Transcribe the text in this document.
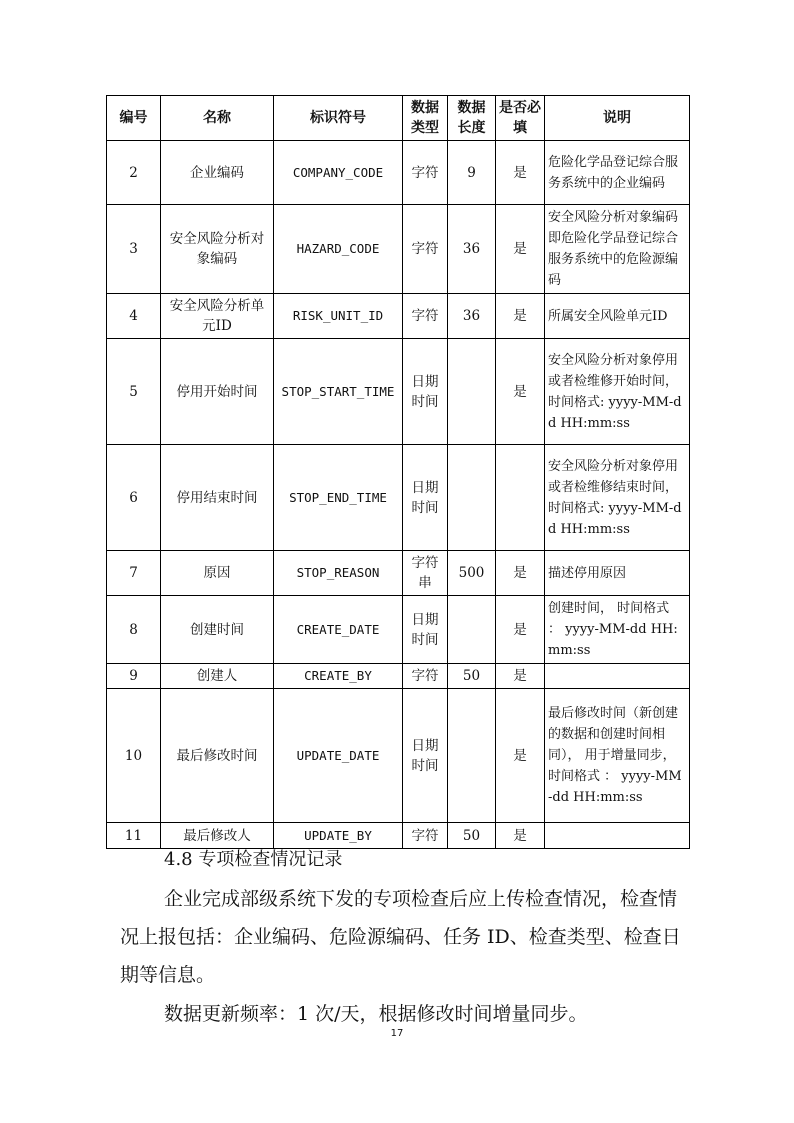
编号	名称	标识符号	数据类型	数据长度	是否必填	说明
2	企业编码	COMPANY_CODE	字符	9	是	危险化学品登记综合服务系统中的企业编码
3	安全风险分析对象编码	HAZARD_CODE	字符	36	是	安全风险分析对象编码即危险化学品登记综合服务系统中的危险源编码
4	安全风险分析单元ID	RISK_UNIT_ID	字符	36	是	所属安全风险单元ID
5	停用开始时间	STOP_START_TIME	日期时间		是	安全风险分析对象停用或者检维修开始时间，时间格式: yyyy-MM-dd HH:mm:ss
6	停用结束时间	STOP_END_TIME	日期时间			安全风险分析对象停用或者检维修结束时间，时间格式: yyyy-MM-dd HH:mm:ss
7	原因	STOP_REASON	字符串	500	是	描述停用原因
8	创建时间	CREATE_DATE	日期时间		是	创建时间， 时间格式 ： yyyy-MM-dd HH:mm:ss
9	创建人	CREATE_BY	字符	50	是	
10	最后修改时间	UPDATE_DATE	日期时间		是	最后修改时间（新创建的数据和创建时间相同）， 用于增量同步， 时间格式 ： yyyy-MM-dd HH:mm:ss
11	最后修改人	UPDATE_BY	字符	50	是	
4.8 专项检查情况记录

企业完成部级系统下发的专项检查后应上传检查情况，检查情况上报包括：企业编码、危险源编码、任务 ID、检查类型、检查日期等信息。

数据更新频率：1 次/天，根据修改时间增量同步。

17
